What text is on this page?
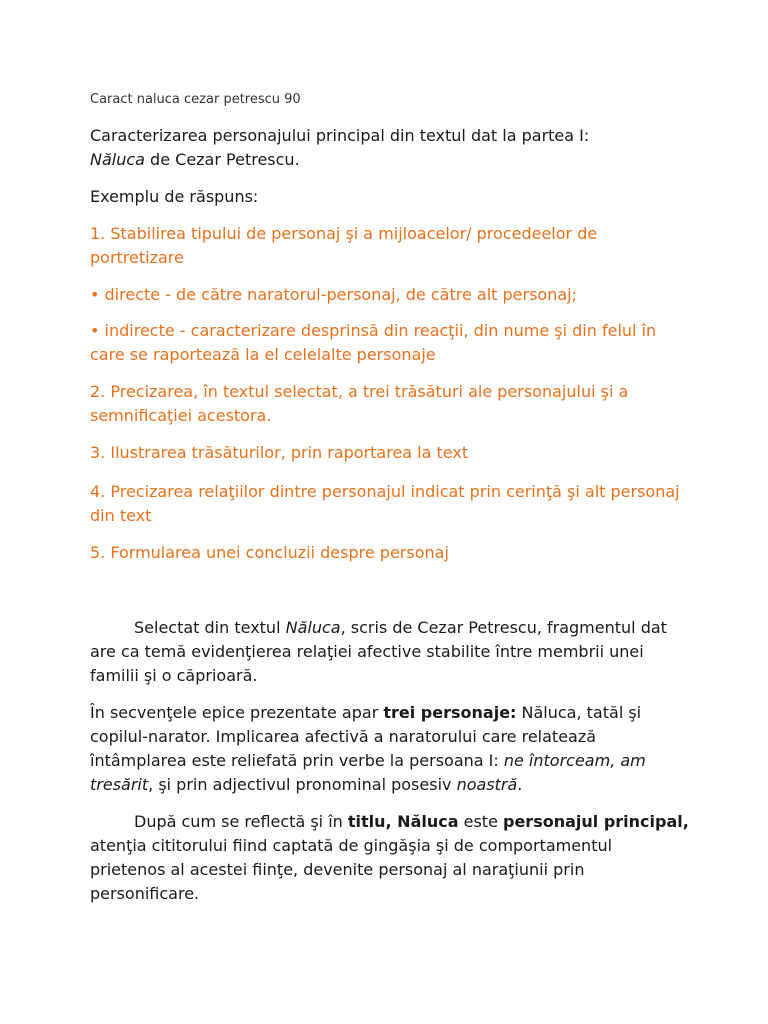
Caract naluca cezar petrescu 90

Caracterizarea personajului principal din textul dat la partea I:
Năluca de Cezar Petrescu.

Exemplu de răspuns:

1. Stabilirea tipului de personaj şi a mijloacelor/ procedeelor de portretizare

• directe - de către naratorul-personaj, de către alt personaj;

• indirecte - caracterizare desprinsă din reacţii, din nume şi din felul în care se raportează la el celelalte personaje

2. Precizarea, în textul selectat, a trei trăsături ale personajului şi a semnificaţiei acestora.

3. Ilustrarea trăsăturilor, prin raportarea la text

4. Precizarea relaţiilor dintre personajul indicat prin cerinţă şi alt personaj din text

5. Formularea unei concluzii despre personaj

Selectat din textul Năluca, scris de Cezar Petrescu, fragmentul dat are ca temă evidenţierea relaţiei afective stabilite între membrii unei familii şi o căprioară.

În secvenţele epice prezentate apar trei personaje: Năluca, tatăl şi copilul-narator. Implicarea afectivă a naratorului care relatează întâmplarea este reliefată prin verbe la persoana I: ne întorceam, am tresărit, şi prin adjectivul pronominal posesiv noastră.

După cum se reflectă şi în titlu, Năluca este personajul principal, atenţia cititorului fiind captată de gingăşia şi de comportamentul prietenos al acestei fiinţe, devenite personaj al naraţiunii prin personificare.
